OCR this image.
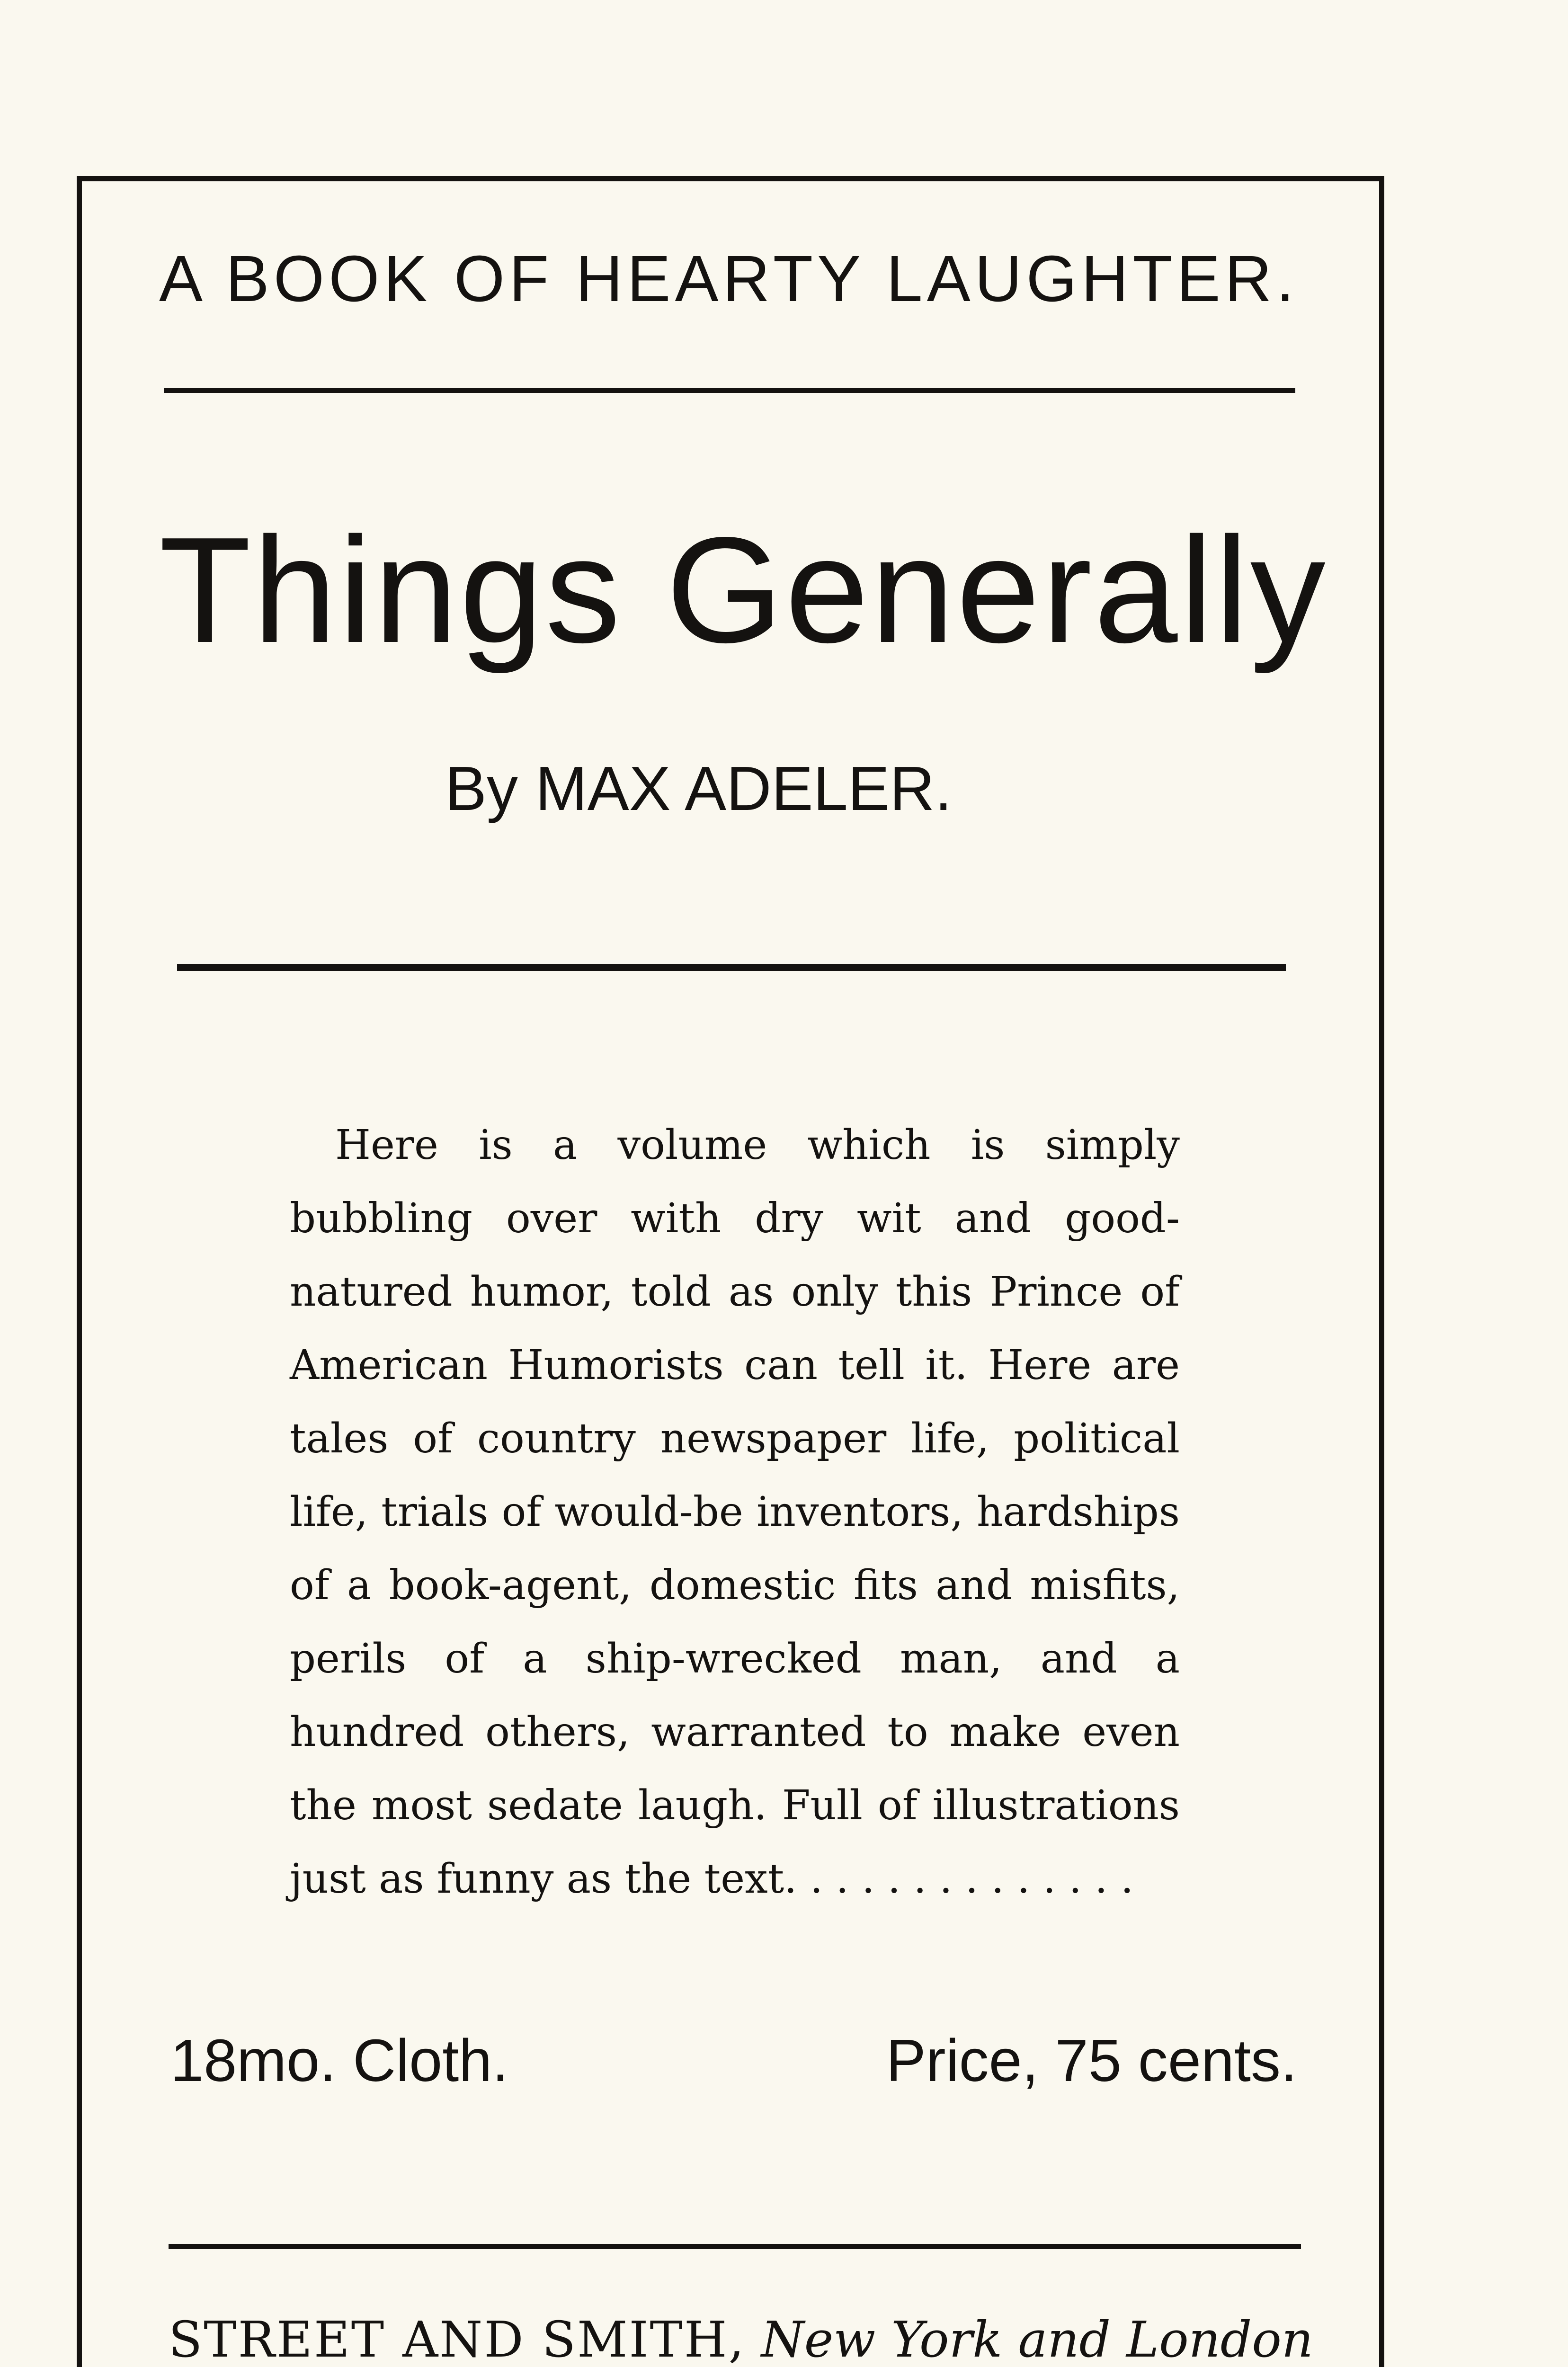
A BOOK OF HEARTY LAUGHTER.
Things Generally
By MAX ADELER.
Here is a volume which is simply bubbling over with dry wit and good-natured humor, told as only this Prince of American Humorists can tell it. Here are tales of country newspaper life, political life, trials of would-be inventors, hardships of a book-agent, domestic fits and misfits, perils of a ship-wrecked man, and a hundred others, warranted to make even the most sedate laugh. Full of illustrations just as funny as the text. . . . . . . . . . . . . .
18mo. Cloth.	Price, 75 cents.
STREET AND SMITH, New York and London
